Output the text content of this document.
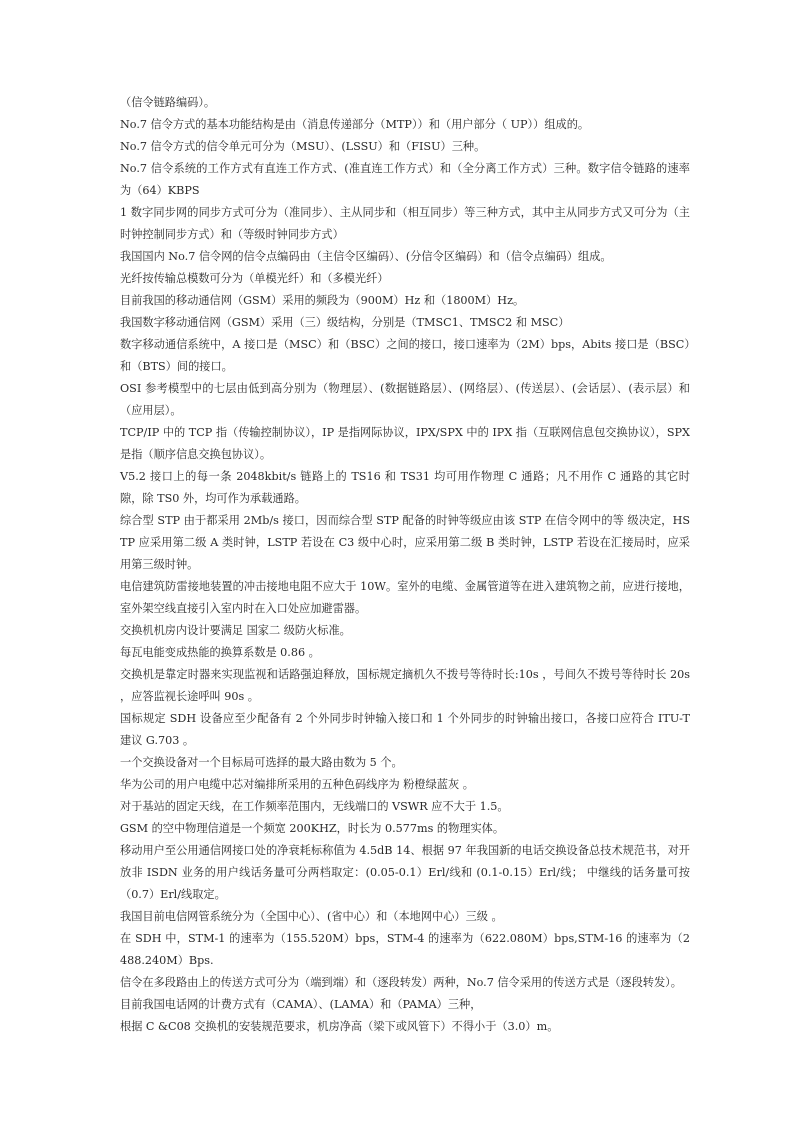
（信令链路编码）。

No.7 信令方式的基本功能结构是由（消息传递部分（MTP））和（用户部分（ UP））组成的。

No.7 信令方式的信令单元可分为（MSU）、(LSSU）和（FISU）三种。

No.7 信令系统的工作方式有直连工作方式、(准直连工作方式）和（全分离工作方式）三种。数字信令链路的速率为（64）KBPS

1 数字同步网的同步方式可分为（准同步）、主从同步和（相互同步）等三种方式，其中主从同步方式又可分为（主时钟控制同步方式）和（等级时钟同步方式）

我国国内 No.7 信令网的信令点编码由（主信令区编码）、(分信令区编码）和（信令点编码）组成。

光纤按传输总模数可分为（单模光纤）和（多模光纤）

目前我国的移动通信网（GSM）采用的频段为（900M）Hz 和（1800M）Hz。

我国数字移动通信网（GSM）采用（三）级结构，分别是（TMSC1、TMSC2 和 MSC）

数字移动通信系统中，A 接口是（MSC）和（BSC）之间的接口，接口速率为（2M）bps，Abits 接口是（BSC）和（BTS）间的接口。

OSI 参考模型中的七层由低到高分别为（物理层）、(数据链路层）、(网络层）、(传送层）、(会话层）、(表示层）和（应用层）。

TCP/IP 中的 TCP 指（传输控制协议），IP 是指网际协议，IPX/SPX 中的 IPX 指（互联网信息包交换协议），SPX 是指（顺序信息交换包协议）。

V5.2 接口上的每一条 2048kbit/s 链路上的 TS16 和 TS31 均可用作物理 C 通路；凡不用作 C 通路的其它时隙，除 TS0 外，均可作为承载通路。

综合型 STP 由于都采用 2Mb/s 接口，因而综合型 STP 配备的时钟等级应由该 STP 在信令网中的等 级决定，HSTP 应采用第二级 A 类时钟，LSTP 若设在 C3 级中心时，应采用第二级 B 类时钟，LSTP 若设在汇接局时，应采用第三级时钟。

电信建筑防雷接地装置的冲击接地电阻不应大于 10W。室外的电缆、金属管道等在进入建筑物之前，应进行接地，室外架空线直接引入室内时在入口处应加避雷器。

交换机机房内设计要满足 国家二 级防火标准。

每瓦电能变成热能的换算系数是 0.86 。

交换机是靠定时器来实现监视和话路强迫释放，国标规定摘机久不拨号等待时长:10s ，号间久不拨号等待时长 20s ，应答监视长途呼叫 90s 。

国标规定 SDH 设备应至少配备有 2 个外同步时钟输入接口和 1 个外同步的时钟输出接口，各接口应符合 ITU-T 建议 G.703 。

一个交换设备对一个目标局可选择的最大路由数为 5 个。

华为公司的用户电缆中芯对编排所采用的五种色码线序为 粉橙绿蓝灰 。

对于基站的固定天线，在工作频率范围内，无线端口的 VSWR 应不大于 1.5。

GSM 的空中物理信道是一个频宽 200KHZ，时长为 0.577ms 的物理实体。

移动用户至公用通信网接口处的净衰耗标称值为 4.5dB 14、根据 97 年我国新的电话交换设备总技术规范书，对开放非 ISDN 业务的用户线话务量可分两档取定：(0.05-0.1）Erl/线和 (0.1-0.15）Erl/线； 中继线的话务量可按（0.7）Erl/线取定。

我国目前电信网管系统分为（全国中心）、(省中心）和（本地网中心）三级 。

在 SDH 中，STM-1 的速率为（155.520M）bps，STM-4 的速率为（622.080M）bps,STM-16 的速率为（2488.240M）Bps.

信令在多段路由上的传送方式可分为（端到端）和（逐段转发）两种，No.7 信令采用的传送方式是（逐段转发）。

目前我国电话网的计费方式有（CAMA）、(LAMA）和（PAMA）三种，

根据 C &C08 交换机的安装规范要求，机房净高（梁下或风管下）不得小于（3.0）m。
